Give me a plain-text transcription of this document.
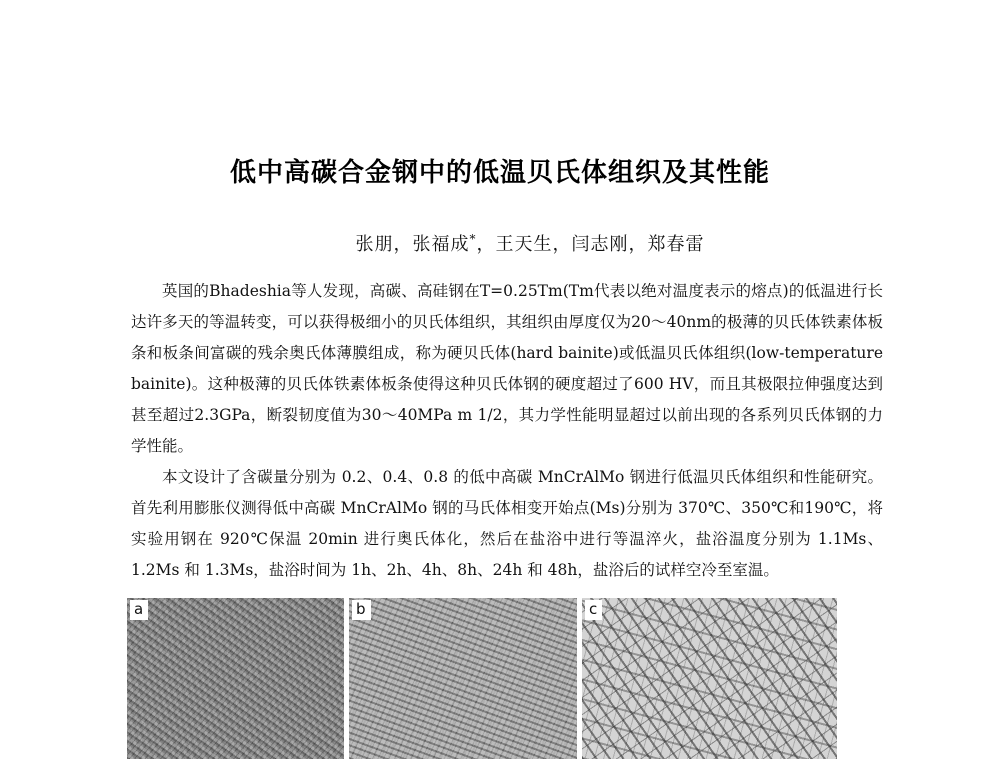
低中高碳合金钢中的低温贝氏体组织及其性能
张朋，张福成*，王天生，闫志刚，郑春雷

英国的Bhadeshia等人发现，高碳、高硅钢在T=0.25Tm(Tm代表以绝对温度表示的熔点)的低温进行长达许多天的等温转变，可以获得极细小的贝氏体组织，其组织由厚度仅为20～40nm的极薄的贝氏体铁素体板条和板条间富碳的残余奥氏体薄膜组成，称为硬贝氏体(hard bainite)或低温贝氏体组织(low-temperature bainite)。这种极薄的贝氏体铁素体板条使得这种贝氏体钢的硬度超过了600 HV，而且其极限拉伸强度达到甚至超过2.3GPa，断裂韧度值为30～40MPa m 1/2，其力学性能明显超过以前出现的各系列贝氏体钢的力学性能。

本文设计了含碳量分别为 0.2、0.4、0.8 的低中高碳 MnCrAlMo 钢进行低温贝氏体组织和性能研究。首先利用膨胀仪测得低中高碳 MnCrAlMo 钢的马氏体相变开始点(Ms)分别为 370℃、350℃和190℃，将实验用钢在 920℃保温 20min 进行奥氏体化，然后在盐浴中进行等温淬火，盐浴温度分别为 1.1Ms、1.2Ms 和 1.3Ms，盐浴时间为 1h、2h、4h、8h、24h 和 48h，盐浴后的试样空冷至室温。

a	b	c
